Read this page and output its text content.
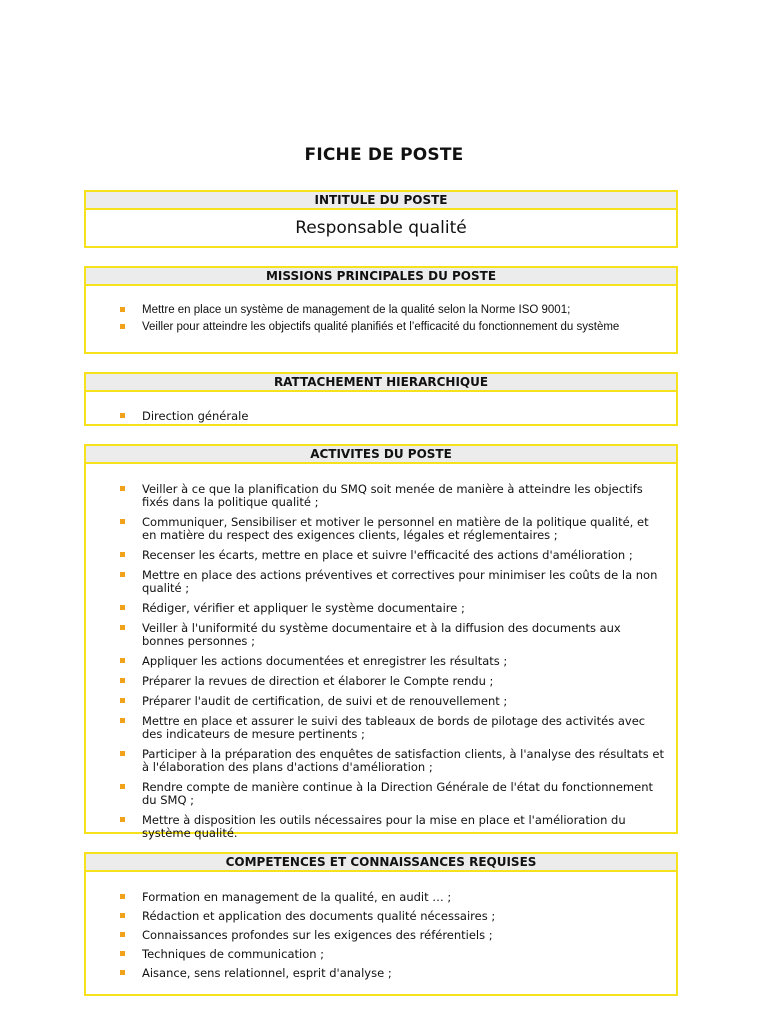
FICHE DE POSTE
INTITULE DU POSTE
Responsable qualité
MISSIONS PRINCIPALES DU POSTE
Mettre en place un système de management de la qualité selon la Norme ISO 9001;
Veiller pour atteindre les objectifs qualité planifiés et l’efficacité du fonctionnement du système
RATTACHEMENT HIERARCHIQUE
Direction générale
ACTIVITES DU POSTE
Veiller à ce que la planification du SMQ soit menée de manière à atteindre les objectifs fixés dans la politique qualité ;
Communiquer, Sensibiliser et motiver le personnel en matière de la politique qualité, et en matière du respect des exigences clients, légales et réglementaires ;
Recenser les écarts, mettre en place et suivre l'efficacité des actions d'amélioration ;
Mettre en place des actions préventives et correctives pour minimiser les coûts de la non qualité ;
Rédiger, vérifier et appliquer le système documentaire ;
Veiller à l'uniformité du système documentaire et à la diffusion des documents aux bonnes personnes ;
Appliquer les actions documentées et enregistrer les résultats ;
Préparer la revues de direction et élaborer le Compte rendu ;
Préparer l'audit de certification, de suivi et de renouvellement ;
Mettre en place et assurer le suivi des tableaux de bords de pilotage des activités avec des indicateurs de mesure pertinents ;
Participer à la préparation des enquêtes de satisfaction clients, à l'analyse des résultats et à l'élaboration des plans d'actions d'amélioration ;
Rendre compte de manière continue à la Direction Générale de l'état du fonctionnement du SMQ ;
Mettre à disposition les outils nécessaires pour la mise en place et l'amélioration du système qualité.
COMPETENCES ET CONNAISSANCES REQUISES
Formation en management de la qualité, en audit … ;
Rédaction et application des documents qualité nécessaires ;
Connaissances profondes sur les exigences des référentiels ;
Techniques de communication ;
Aisance, sens relationnel, esprit d'analyse ;
